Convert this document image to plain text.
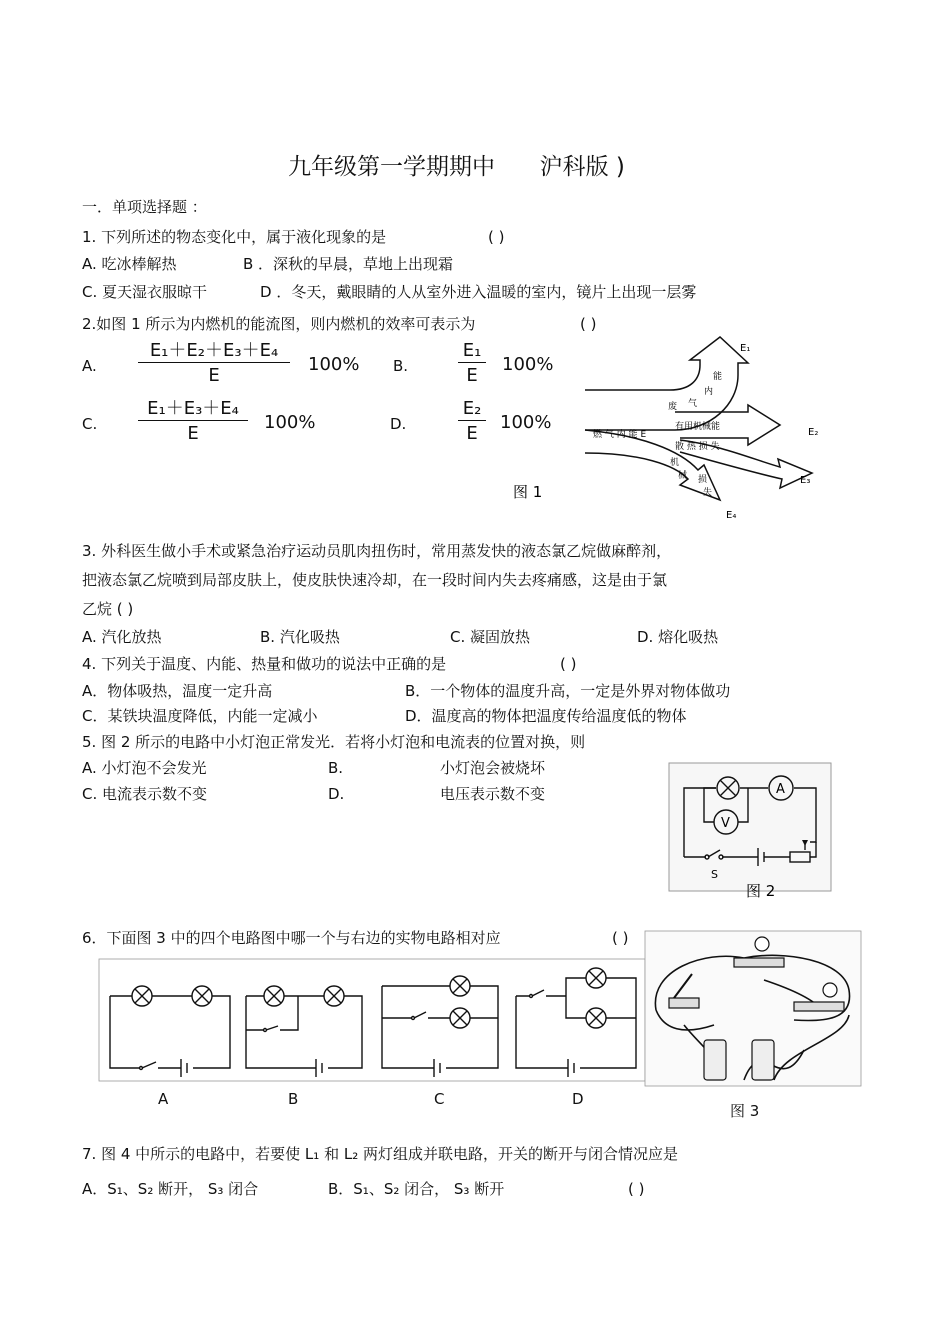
九年级第一学期期中 沪科版 )
一．单项选择题 ：
1. 下列所述的物态变化中，属于液化现象的是	( )
A. 吃冰棒解热	B ．深秋的早晨，草地上出现霜
C. 夏天湿衣服晾干	D ．冬天，戴眼睛的人从室外进入温暖的室内，镜片上出现一层雾
2.如图 1 所示为内燃机的能流图，则内燃机的效率可表示为	( )
A. $\frac{\text{E₁＋E₂＋E₃＋E₄}}{E} 100\%$ B.	$\frac{\text{E₁}}{E} 100\%$
C. $\frac{\text{E₁＋E₃＋E₄}}{E} 100\%$	D.	$\frac{\text{E₂}}{E} 100\%$
E₁
E₂
E₃
E₄
燃 气 内 能 E
有用机械能
能
内
气
废
散 热 损 失
机
械 损
失
图 1
3. 外科医生做小手术或紧急治疗运动员肌肉扭伤时，常用蒸发快的液态氯乙烷做麻醉剂，
把液态氯乙烷喷到局部皮肤上，使皮肤快速冷却，在一段时间内失去疼痛感，这是由于氯
乙烷 ( )
A. 汽化放热	B. 汽化吸热	C. 凝固放热	D. 熔化吸热
4. 下列关于温度、内能、热量和做功的说法中正确的是	( )
A．物体吸热，温度一定升高	B．一个物体的温度升高，一定是外界对物体做功
C．某铁块温度降低，内能一定减小	D．温度高的物体把温度传给温度低的物体
5. 图 2 所示的电路中小灯泡正常发光．若将小灯泡和电流表的位置对换，则
A. 小灯泡不会发光	B.	小灯泡会被烧坏
C. 电流表示数不变	D.	电压表示数不变	A
V
S
图 2
6．下面图 3 中的四个电路图中哪一个与右边的实物电路相对应	( )
A	B	C	D
图 3
7. 图 4 中所示的电路中，若要使 L₁ 和 L₂ 两灯组成并联电路，开关的断开与闭合情况应是
A．S₁、S₂ 断开， S₃ 闭合	B．S₁、S₂ 闭合， S₃ 断开	( )
